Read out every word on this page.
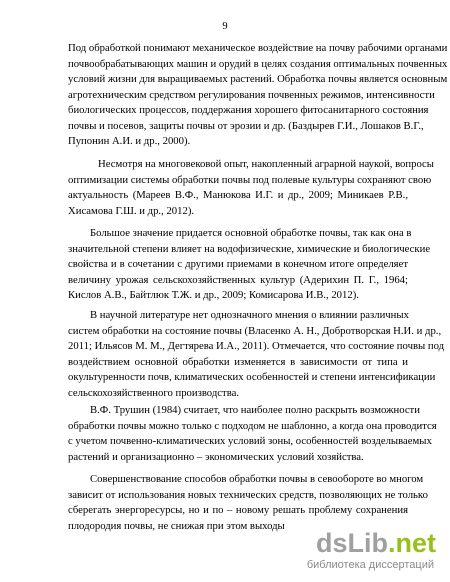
9
Под обработкой понимают механическое воздействие на почву рабочими органами
почвообрабатывающих машин и орудий в целях создания оптимальных почвенных
условий жизни для выращиваемых растений. Обработка почвы является основным
агротехническим средством регулирования почвенных режимов, интенсивности
биологических процессов, поддержания хорошего фитосанитарного состояния
почвы и посевов, защиты почвы от эрозии и др. (Баздырев Г.И., Лошаков В.Г.,
Пупонин А.И. и др., 2000).
Несмотря на многовековой опыт, накопленный аграрной наукой, вопросы
оптимизации системы обработки почвы под полевые культуры сохраняют свою
актуальность (Мареев В.Ф., Манюкова И.Г. и др., 2009; Миникаев Р.В.,
Хисамова Г.Ш. и др., 2012).
Большое значение придается основной обработке почвы, так как она в
значительной степени влияет на водофизические, химические и биологические
свойства и в сочетании с другими приемами в конечном итоге определяет
величину урожая сельскохозяйственных культур (Адерихин П. Г., 1964;
Кислов А.В., Байтлюк Т.Ж. и др., 2009; Комисарова И.В., 2012).
В научной литературе нет однозначного мнения о влиянии различных
систем обработки на состояние почвы (Власенко А. Н., Добротворская Н.И. и др.,
2011; Ильясов М. М., Дегтярева И.А., 2011). Отмечается, что состояние почвы под
воздействием основной обработки изменяется в зависимости от типа и
окультуренности почв, климатических особенностей и степени интенсификации
сельскохозяйственного производства.
В.Ф. Трушин (1984) считает, что наиболее полно раскрыть возможности
обработки почвы можно только с подходом не шаблонно, а когда она проводится
с учетом почвенно-климатических условий зоны, особенностей возделываемых
растений и организационно – экономических условий хозяйства.
Совершенствование способов обработки почвы в севообороте во многом
зависит от использования новых технических средств, позволяющих не только
сберегать энергоресурсы, но и по – новому решать проблему сохранения
плодородия почвы, не снижая при этом выходы
dsLib.net
библиотека диссертаций
